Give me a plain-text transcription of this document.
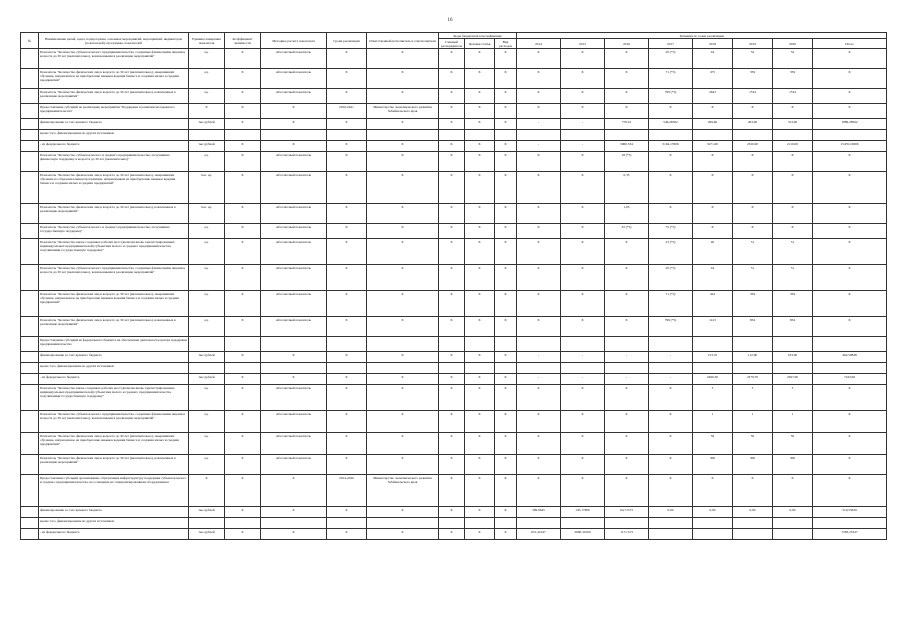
16
№	Наименование целей, задач, подпрограмм, основных мероприятий, мероприятий, индикаторов (показателей), программы, показателей	Единица измерения показателя	Коэффициент значимости	Методика расчета показателя	Сроки реализации	Ответственный исполнитель и соисполнители	Коды бюджетной классификации			Значения по годам реализации							
							Главный распорядитель	Целевая статья	Вид расходов	2014	2015	2016	2017	2018	2019	2020	Итого
	Показатель "Количество субъектов малого предпринимательства, созданных физическими лицами в возрасте до 30 лет (включительно), вовлеченными в реализацию мероприятий"	ед.	Х	Абсолютный показатель	Х	Х	Х	Х	Х	Х	Х	Х	20 (*5)	44	32	32	Х
	Показатель "Количество физических лиц в возрасте до 30 лет (включительно), завершивших обучение, направленное на приобретение навыков ведения бизнеса и создания малых и средних предприятий"	ед.	Х	Абсолютный показатель	Х	Х	Х	Х	Х	Х	Х	Х	71 (*5)	475	359	359	Х
	Показатель "Количество физических лиц в возрасте до 30 лет (включительно), вовлеченных в реализацию мероприятий"	ед.	Х	Абсолютный показатель	Х	Х	Х	Х	Х	Х	Х	Х	799 (*5)	2643	1534	1534	Х
	Предоставление субсидий на реализацию мероприятия "Поддержка в развитии молодежного предпринимательства"	Х	Х	Х	2016-2021	Министерство экономического развития Забайкальского края	Х	Х	Х	Х	Х	Х	Х	Х	Х	Х	Х
	финансирование за счет краевого бюджета	тыс.рублей	Х	Х	Х	Х	Х	Х	Х	-	-	770,01	546,26562	269,60	263,00	313,00	1889,28562
	кроме того, финансирование из других источников:																
	- из федерального бюджета	тыс.рублей	Х	Х	Х	Х	Х	Х	Х	-	-	5960,534	5104,17606	3271,00	2320,00	2110,00	15435,10606
	Показатель "Количество субъектов малого и среднего предпринимательства, получивших финансовую поддержку в возрасте до 30 лет (включительно)"	ед.	Х	Абсолютный показатель	Х	Х	Х	Х	Х	Х	Х	18 (*5)	Х	Х	Х	Х	Х
	Показатель "Количество физических лиц в возрасте до 30 лет (включительно), завершивших обучение по образовательным программам, направленным на приобретение навыков ведения бизнеса и создания малых и средних предприятий"	тыс. ед.	Х	Абсолютный показатель	Х	Х	Х	Х	Х	Х	Х	0,35	Х	Х	Х	Х	Х
	Показатель "Количество физических лиц в возрасте до 30 лет (включительно), вовлеченных в реализацию мероприятий"	тыс. ед.	Х	Абсолютный показатель	Х	Х	Х	Х	Х	Х	Х	1,65	Х	Х	Х	Х	Х
	Показатель "Количество субъектов малого и среднего предпринимательства, получивших государственную поддержку"	ед.	Х	Абсолютный показатель	Х	Х	Х	Х	Х	Х	Х	32 (*5)	75 (*5)	Х	Х	Х	Х
	Показатель "Количество вновь созданных рабочих мест (включая вновь зарегистрированных индивидуальных предпринимателей) субъектами малого и среднего предпринимательства, получившими государственную поддержку"	ед.	Х	Абсолютный показатель	Х	Х	Х	Х	Х	Х	Х	Х	23 (*5)	40	31	31	Х
	Показатель "Количество субъектов малого предпринимательства, созданных физическими лицами в возрасте до 30 лет (включительно), вовлеченными в реализацию мероприятий"	ед.	Х	Абсолютный показатель	Х	Х	Х	Х	Х	Х	Х	Х	20 (*5)	44	31	31	Х
	Показатель "Количество физических лиц в возрасте до 30 лет (включительно), завершивших обучение, направленное на приобретение навыков ведения бизнеса и создания малых и средних предприятий"	ед.	Х	Абсолютный показатель	Х	Х	Х	Х	Х	Х	Х	Х	71 (*5)	424	359	359	Х
	Показатель "Количество физических лиц в возрасте до 30 лет (включительно), вовлеченных в реализацию мероприятий"	ед.	Х	Абсолютный показатель	Х	Х	Х	Х	Х	Х	Х	Х	799 (*5)	1413	834	834	Х
	Предоставление субсидий из федерального бюджета на обеспечение деятельности центра поддержки предпринимательства																
	финансирование за счет краевого бюджета	тыс.рублей	Х	Х	Х	Х	Х	Х	Х	-	-	-	-	153,70	112,00	163,00	462,59848
	кроме того, финансирование из других источников:																
	- из федерального бюджета	тыс.рублей	Х	Х	Х	Х	Х	Х	Х	-	-	-	-	2496,30	2379,70	2367,00	7243,00
	Показатель "Количество вновь созданных рабочих мест (включая вновь зарегистрированных индивидуальных предпринимателей) субъектами малого и среднего предпринимательства, получившими государственную поддержку"	ед.	Х	Абсолютный показатель	Х	Х	Х	Х	Х	Х	Х	Х	Х	3	3	3	Х
	Показатель "Количество субъектов малого предпринимательства, созданных физическими лицами в возрасте до 30 лет (включительно), вовлеченными в реализацию мероприятий"	ед.	Х	Абсолютный показатель	Х	Х	Х	Х	Х	Х	Х	Х	Х	1	1	1	Х
	Показатель "Количество физических лиц в возрасте до 30 лет (включительно), завершивших обучение, направленное на приобретение навыков ведения бизнеса и создания малых и средних предприятий"	ед.	Х	Абсолютный показатель	Х	Х	Х	Х	Х	Х	Х	Х	Х	59	50	50	Х
	Показатель "Количество физических лиц в возрасте до 30 лет (включительно), вовлеченных в реализацию мероприятий"	ед.	Х	Абсолютный показатель	Х	Х	Х	Х	Х	Х	Х	Х	Х	300	300	300	Х
	Предоставление субсидий организациям, образующим инфраструктуру поддержки субъектов малого и среднего предпринимательства, на оснащение их специализированным оборудованием	Х	Х	Х	2014-2020	Министерство экономического развития Забайкальского края	Х	Х	Х	Х	Х	Х	Х	Х	Х	Х	Х
	финансирование за счет краевого бюджета	тыс.рублей	Х	Х	Х	Х	Х	Х	Х	309,6645	145,17606	64,71573	0,00	0,00	0,00	0,00	519,55629
	кроме того, финансирование из других источников:																
	- из федерального бюджета	тыс.рублей	Х	Х	Х	Х	Х	Х	Х	651,41047	5660,31000	1171,513					7283,23347
